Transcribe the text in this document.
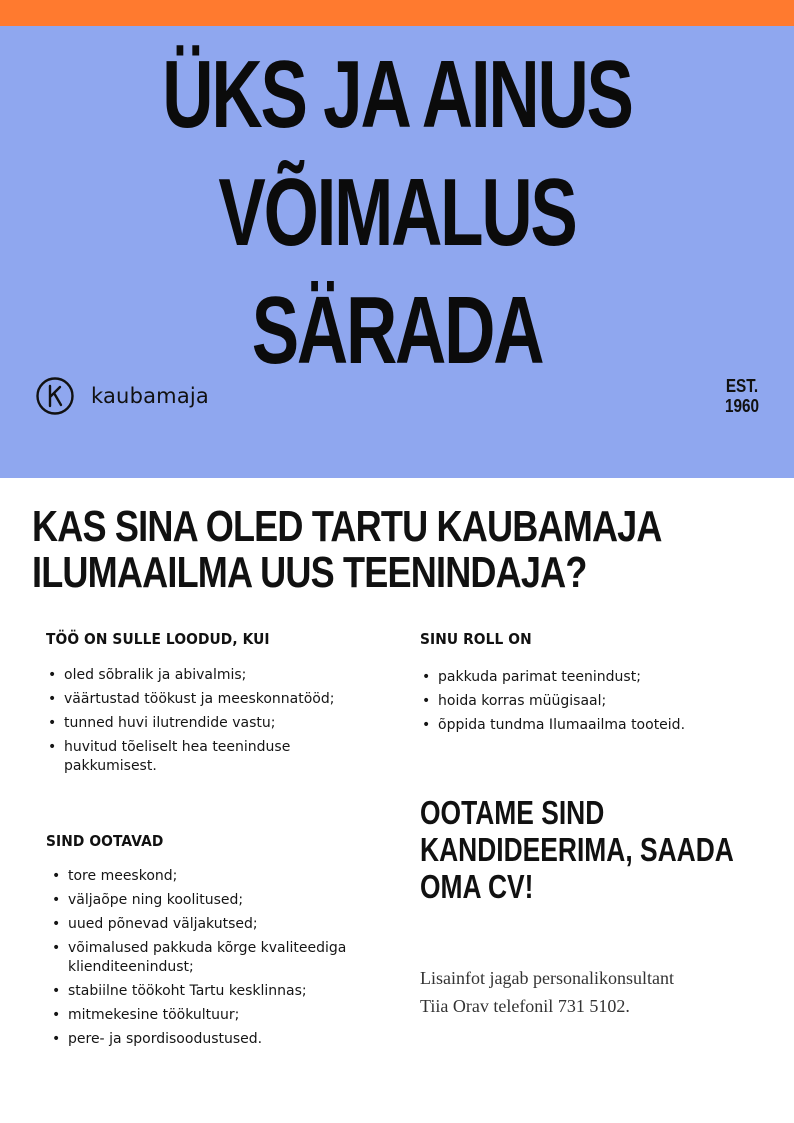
ÜKS JA AINUS
VÕIMALUS
SÄRADA
kaubamaja	EST.
1960
KAS SINA OLED TARTU KAUBAMAJA
ILUMAAILMA UUS TEENINDAJA?
TÖÖ ON SULLE LOODUD, KUI
• oled sõbralik ja abivalmis;
• väärtustad töökust ja meeskonnatööd;
• tunned huvi ilutrendide vastu;
• huvitud tõeliselt hea teeninduse pakkumisest.
SIND OOTAVAD
• tore meeskond;
• väljaõpe ning koolitused;
• uued põnevad väljakutsed;
• võimalused pakkuda kõrge kvaliteediga klienditeenindust;
• stabiilne töökoht Tartu kesklinnas;
• mitmekesine töökultuur;
• pere- ja spordisoodustused.
SINU ROLL ON
• pakkuda parimat teenindust;
• hoida korras müügisaal;
• õppida tundma Ilumaailma tooteid.
OOTAME SIND
KANDIDEERIMA, SAADA
OMA CV!
Lisainfot jagab personalikonsultant
Tiia Orav telefonil 731 5102.
